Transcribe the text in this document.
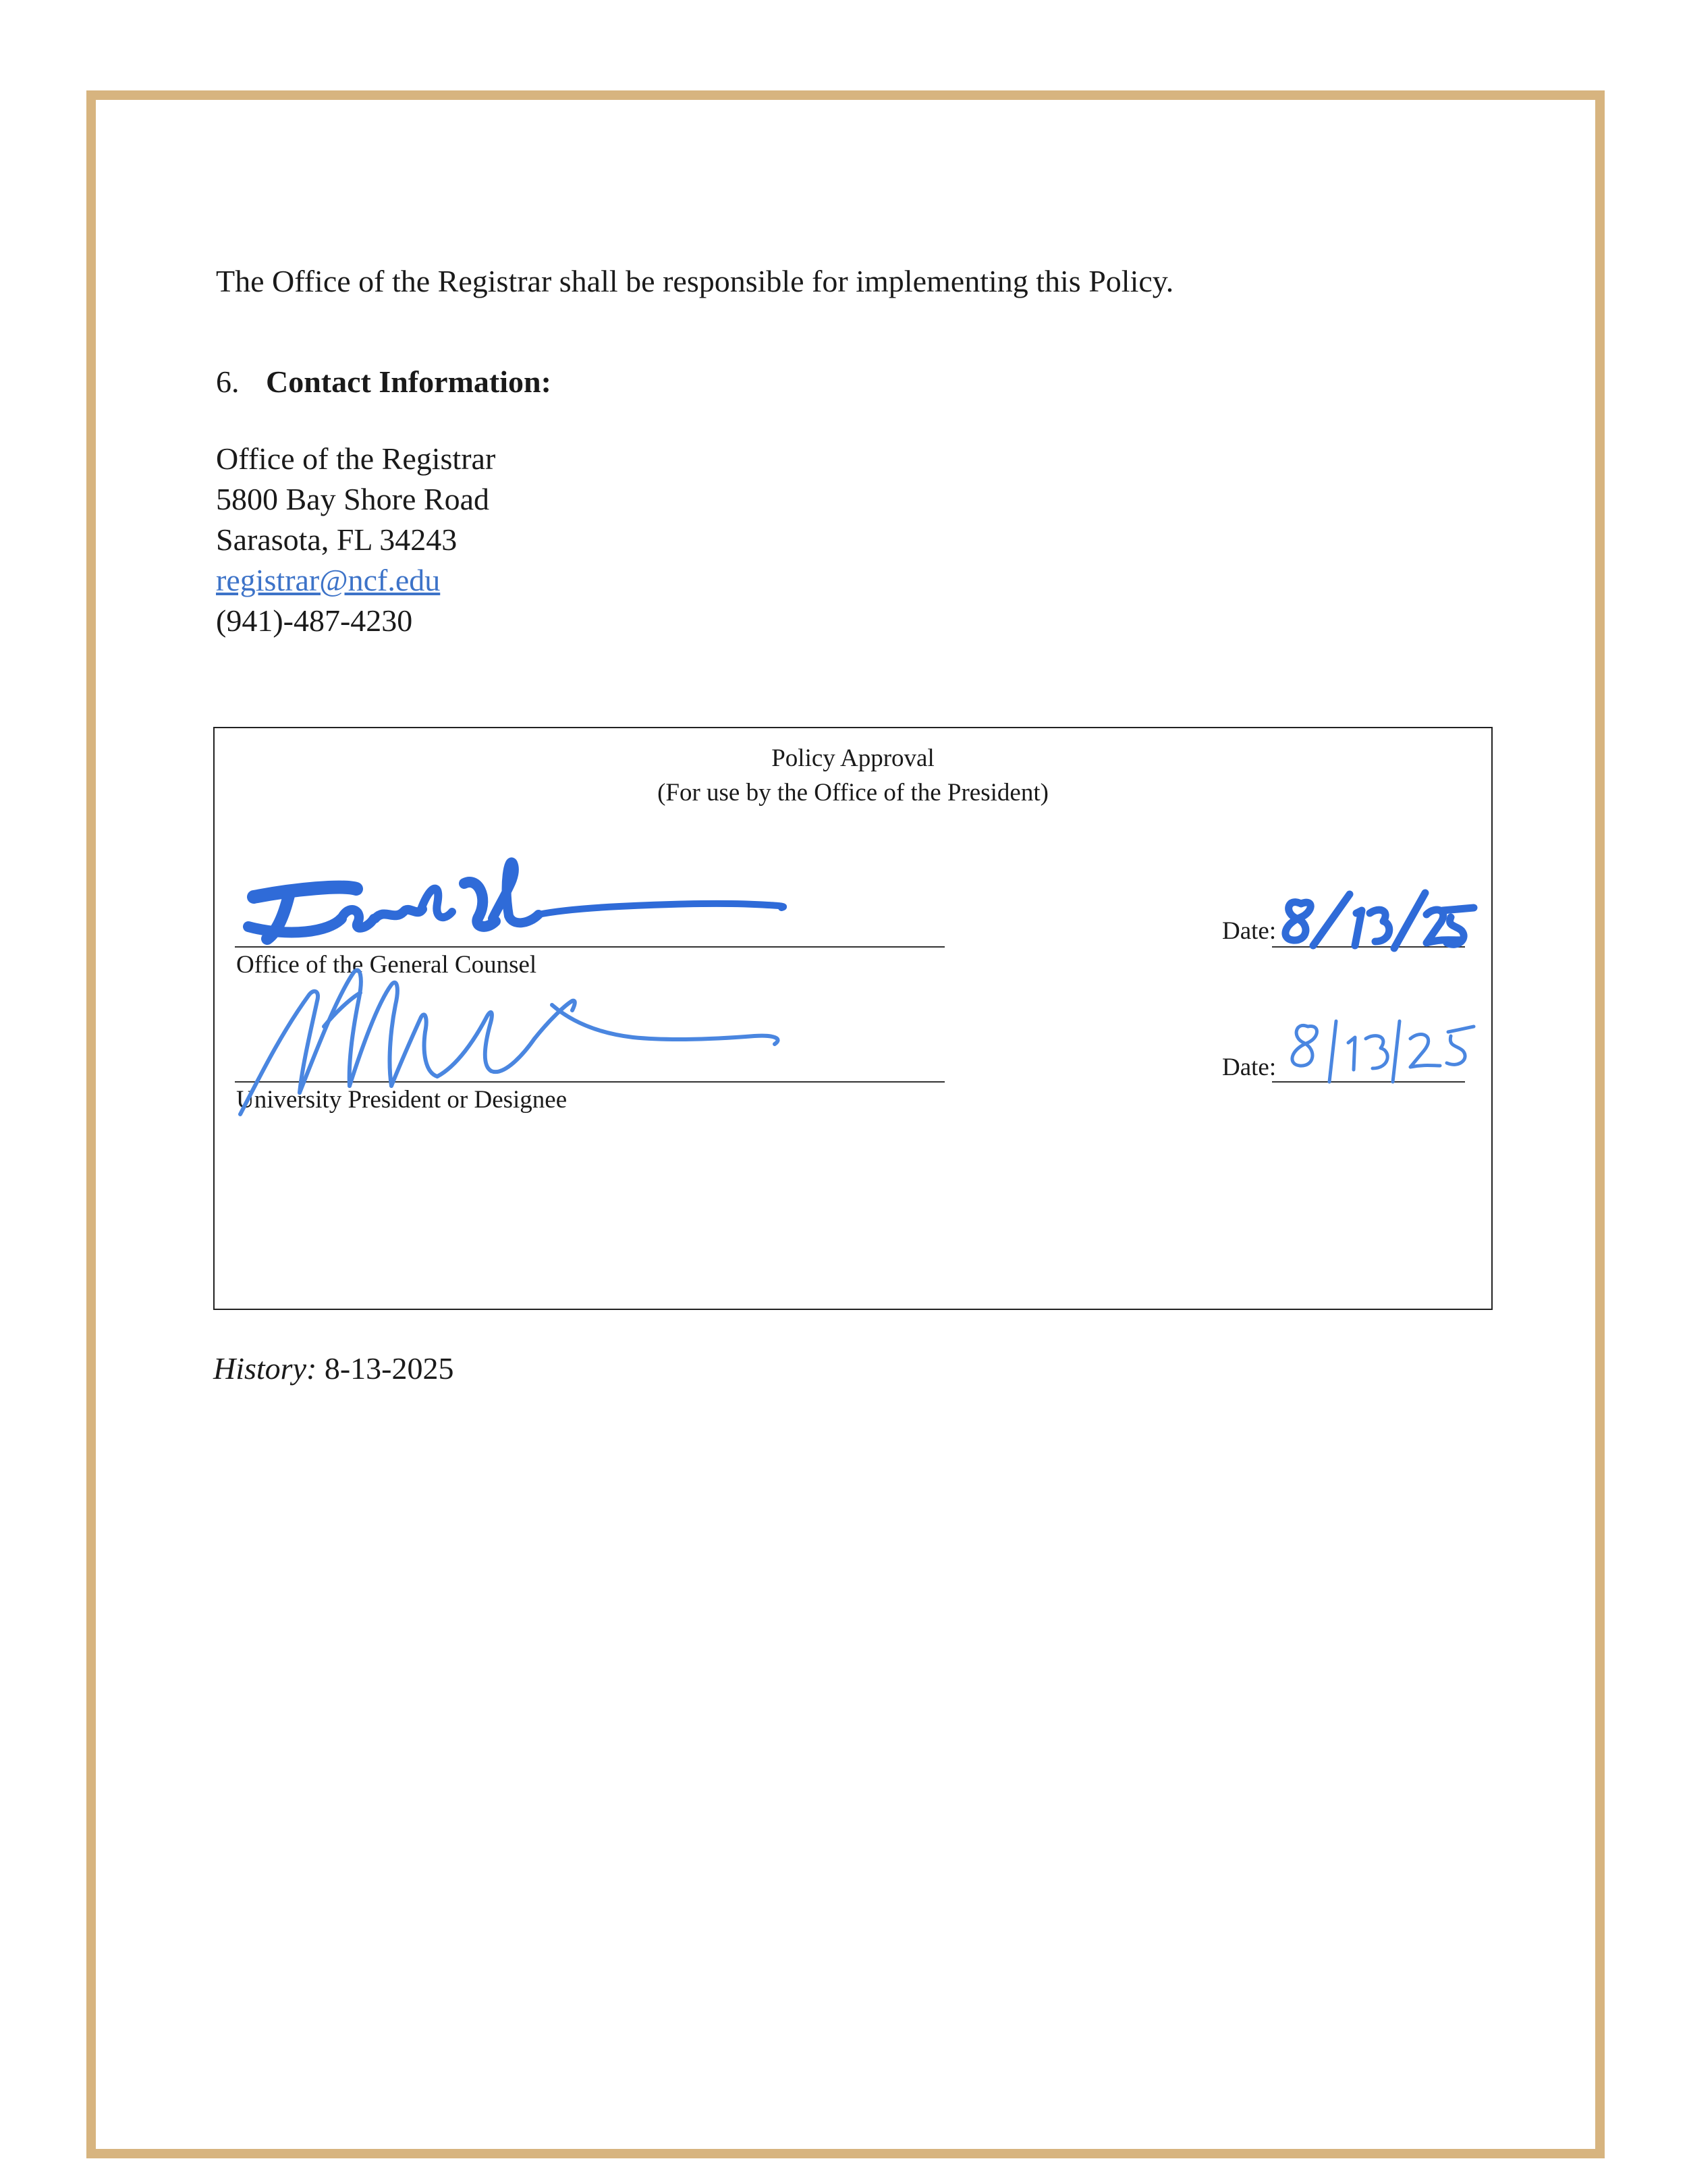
The Office of the Registrar shall be responsible for implementing this Policy.
6. Contact Information:
Office of the Registrar
5800 Bay Shore Road
Sarasota, FL 34243
registrar@ncf.edu
(941)-487-4230
Policy Approval
(For use by the Office of the President)
Office of the General Counsel
Date:
University President or Designee
Date:
History: 8-13-2025
